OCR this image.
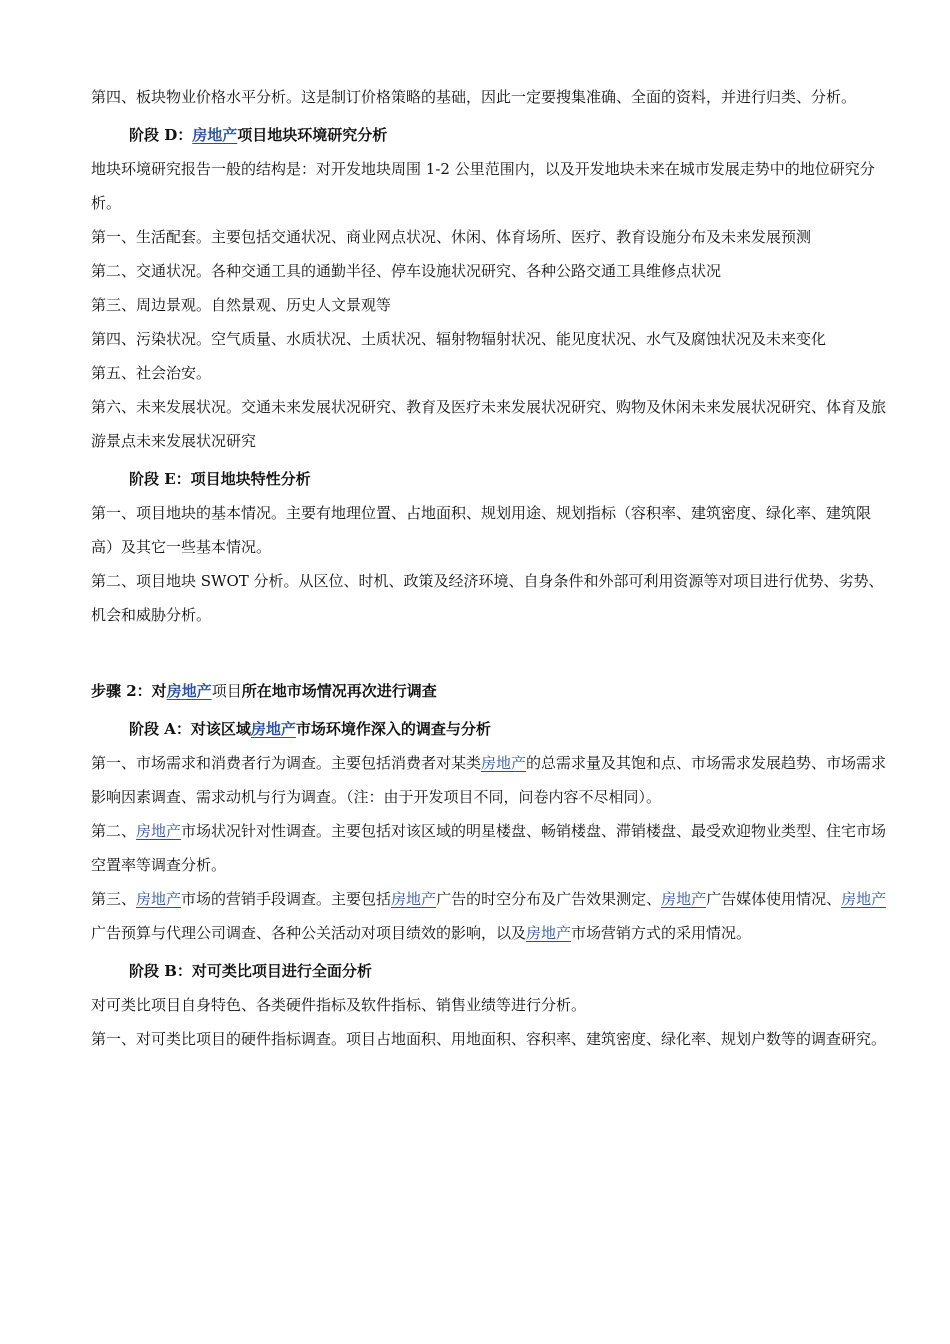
第四、板块物业价格水平分析。这是制订价格策略的基础，因此一定要搜集准确、全面的资料，并进行归类、分析。

阶段 D：房地产项目地块环境研究分析

地块环境研究报告一般的结构是：对开发地块周围 1-2 公里范围内，以及开发地块未来在城市发展走势中的地位研究分析。

第一、生活配套。主要包括交通状况、商业网点状况、休闲、体育场所、医疗、教育设施分布及未来发展预测

第二、交通状况。各种交通工具的通勤半径、停车设施状况研究、各种公路交通工具维修点状况

第三、周边景观。自然景观、历史人文景观等

第四、污染状况。空气质量、水质状况、土质状况、辐射物辐射状况、能见度状况、水气及腐蚀状况及未来变化

第五、社会治安。

第六、未来发展状况。交通未来发展状况研究、教育及医疗未来发展状况研究、购物及休闲未来发展状况研究、体育及旅游景点未来发展状况研究

阶段 E：项目地块特性分析

第一、项目地块的基本情况。主要有地理位置、占地面积、规划用途、规划指标（容积率、建筑密度、绿化率、建筑限高）及其它一些基本情况。

第二、项目地块 SWOT 分析。从区位、时机、政策及经济环境、自身条件和外部可利用资源等对项目进行优势、劣势、机会和威胁分析。

步骤 2：对房地产项目所在地市场情况再次进行调查

阶段 A：对该区域房地产市场环境作深入的调查与分析

第一、市场需求和消费者行为调查。主要包括消费者对某类房地产的总需求量及其饱和点、市场需求发展趋势、市场需求影响因素调查、需求动机与行为调查。（注：由于开发项目不同，问卷内容不尽相同）。

第二、房地产市场状况针对性调查。主要包括对该区域的明星楼盘、畅销楼盘、滞销楼盘、最受欢迎物业类型、住宅市场空置率等调查分析。

第三、房地产市场的营销手段调查。主要包括房地产广告的时空分布及广告效果测定、房地产广告媒体使用情况、房地产广告预算与代理公司调查、各种公关活动对项目绩效的影响，以及房地产市场营销方式的采用情况。

阶段 B：对可类比项目进行全面分析

对可类比项目自身特色、各类硬件指标及软件指标、销售业绩等进行分析。

第一、对可类比项目的硬件指标调查。项目占地面积、用地面积、容积率、建筑密度、绿化率、规划户数等的调查研究。
